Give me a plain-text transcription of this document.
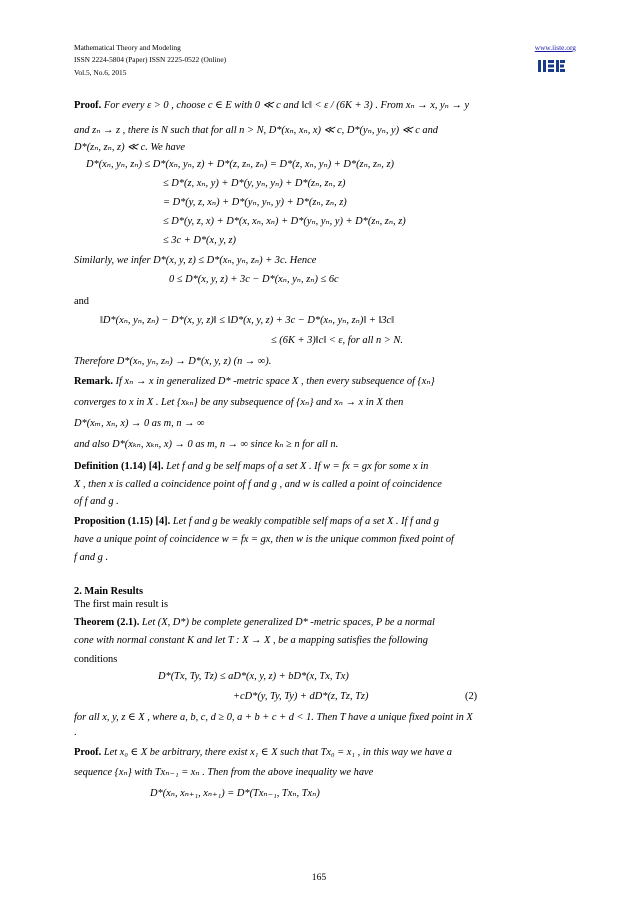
Mathematical Theory and Modeling
ISSN 2224-5804 (Paper) ISSN 2225-0522 (Online)
Vol.5, No.6, 2015
www.iiste.org
Proof. For every ε > 0 , choose c ∈ E with 0 ≪ c and ‖c‖ < ε / (6K + 3) . From xₙ → x, yₙ → y
and zₙ → z , there is N such that for all n > N, D*(xₙ, xₙ, x) ≪ c, D*(yₙ, yₙ, y) ≪ c and
D*(zₙ, zₙ, z) ≪ c. We have
D*(xₙ, yₙ, zₙ) ≤ D*(xₙ, yₙ, z) + D*(z, zₙ, zₙ) = D*(z, xₙ, yₙ) + D*(zₙ, zₙ, z)
≤ D*(z, xₙ, y) + D*(y, yₙ, yₙ) + D*(zₙ, zₙ, z)
= D*(y, z, xₙ) + D*(yₙ, yₙ, y) + D*(zₙ, zₙ, z)
≤ D*(y, z, x) + D*(x, xₙ, xₙ) + D*(yₙ, yₙ, y) + D*(zₙ, zₙ, z)
≤ 3c + D*(x, y, z)
Similarly, we infer D*(x, y, z) ≤ D*(xₙ, yₙ, zₙ) + 3c. Hence
0 ≤ D*(x, y, z) + 3c − D*(xₙ, yₙ, zₙ) ≤ 6c
and
‖D*(xₙ, yₙ, zₙ) − D*(x, y, z)‖ ≤ ‖D*(x, y, z) + 3c − D*(xₙ, yₙ, zₙ)‖ + ‖3c‖
≤ (6K + 3)‖c‖ < ε, for all n > N.
Therefore D*(xₙ, yₙ, zₙ) → D*(x, y, z) (n → ∞).
Remark. If xₙ → x in generalized D* -metric space X , then every subsequence of {xₙ}
converges to x in X . Let {xₖₙ} be any subsequence of {xₙ} and xₙ → x in X then
D*(xₘ, xₙ, x) → 0 as m, n → ∞
and also D*(xₖₙ, xₖₙ, x) → 0 as m, n → ∞ since kₙ ≥ n for all n.
Definition (1.14) [4]. Let f and g be self maps of a set X . If w = fx = gx for some x in
X , then x is called a coincidence point of f and g , and w is called a point of coincidence
of f and g .
Proposition (1.15) [4]. Let f and g be weakly compatible self maps of a set X . If f and g
have a unique point of coincidence w = fx = gx, then w is the unique common fixed point of
f and g .
2. Main Results
The first main result is
Theorem (2.1). Let (X, D*) be complete generalized D* -metric spaces, P be a normal
cone with normal constant K and let T : X → X , be a mapping satisfies the following
conditions
D*(Tx, Ty, Tz) ≤ aD*(x, y, z) + bD*(x, Tx, Tx)
+cD*(y, Ty, Ty) + dD*(z, Tz, Tz)	(2)
for all x, y, z ∈ X , where a, b, c, d ≥ 0, a + b + c + d < 1. Then T have a unique fixed point in X
.
Proof. Let x₀ ∈ X be arbitrary, there exist x₁ ∈ X such that Tx₀ = x₁ , in this way we have a
sequence {xₙ} with Txₙ₋₁ = xₙ . Then from the above inequality we have
D*(xₙ, xₙ₊₁, xₙ₊₁) = D*(Txₙ₋₁, Txₙ, Txₙ)
165
